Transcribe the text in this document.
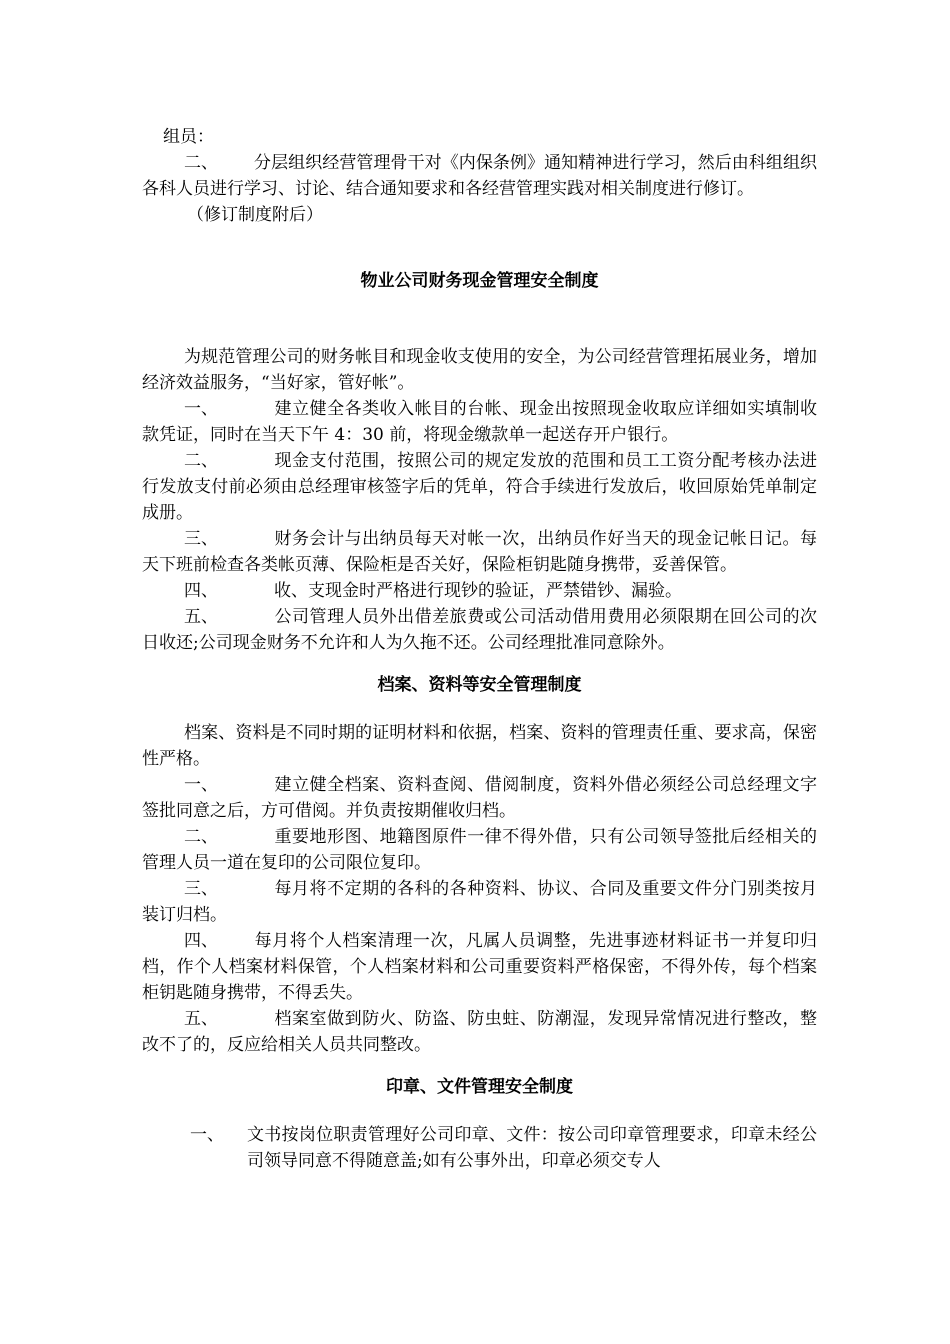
组员：

二、 分层组织经营管理骨干对《内保条例》通知精神进行学习，然后由科组组织各科人员进行学习、讨论、结合通知要求和各经营管理实践对相关制度进行修订。

（修订制度附后）

物业公司财务现金管理安全制度

为规范管理公司的财务帐目和现金收支使用的安全，为公司经营管理拓展业务，增加经济效益服务，“当好家，管好帐”。

一、	建立健全各类收入帐目的台帐、现金出按照现金收取应详细如实填制收款凭证，同时在当天下午 4：30 前，将现金缴款单一起送存开户银行。

二、	现金支付范围，按照公司的规定发放的范围和员工工资分配考核办法进行发放支付前必须由总经理审核签字后的凭单，符合手续进行发放后，收回原始凭单制定成册。

三、	财务会计与出纳员每天对帐一次，出纳员作好当天的现金记帐日记。每天下班前检查各类帐页薄、保险柜是否关好，保险柜钥匙随身携带，妥善保管。

四、	收、支现金时严格进行现钞的验证，严禁错钞、漏验。

五、	公司管理人员外出借差旅费或公司活动借用费用必须限期在回公司的次日收还;公司现金财务不允许和人为久拖不还。公司经理批准同意除外。

档案、资料等安全管理制度

档案、资料是不同时期的证明材料和依据，档案、资料的管理责任重、要求高，保密性严格。

一、	建立健全档案、资料查阅、借阅制度，资料外借必须经公司总经理文字签批同意之后，方可借阅。并负责按期催收归档。

二、	重要地形图、地籍图原件一律不得外借，只有公司领导签批后经相关的管理人员一道在复印的公司限位复印。

三、	每月将不定期的各科的各种资料、协议、合同及重要文件分门别类按月装订归档。

四、 每月将个人档案清理一次，凡属人员调整，先进事迹材料证书一并复印归档，作个人档案材料保管，个人档案材料和公司重要资料严格保密，不得外传，每个档案柜钥匙随身携带，不得丢失。

五、	档案室做到防火、防盗、防虫蛀、防潮湿，发现异常情况进行整改，整改不了的，反应给相关人员共同整改。

印章、文件管理安全制度

一、	文书按岗位职责管理好公司印章、文件：按公司印章管理要求，印章未经公司领导同意不得随意盖;如有公事外出，印章必须交专人
